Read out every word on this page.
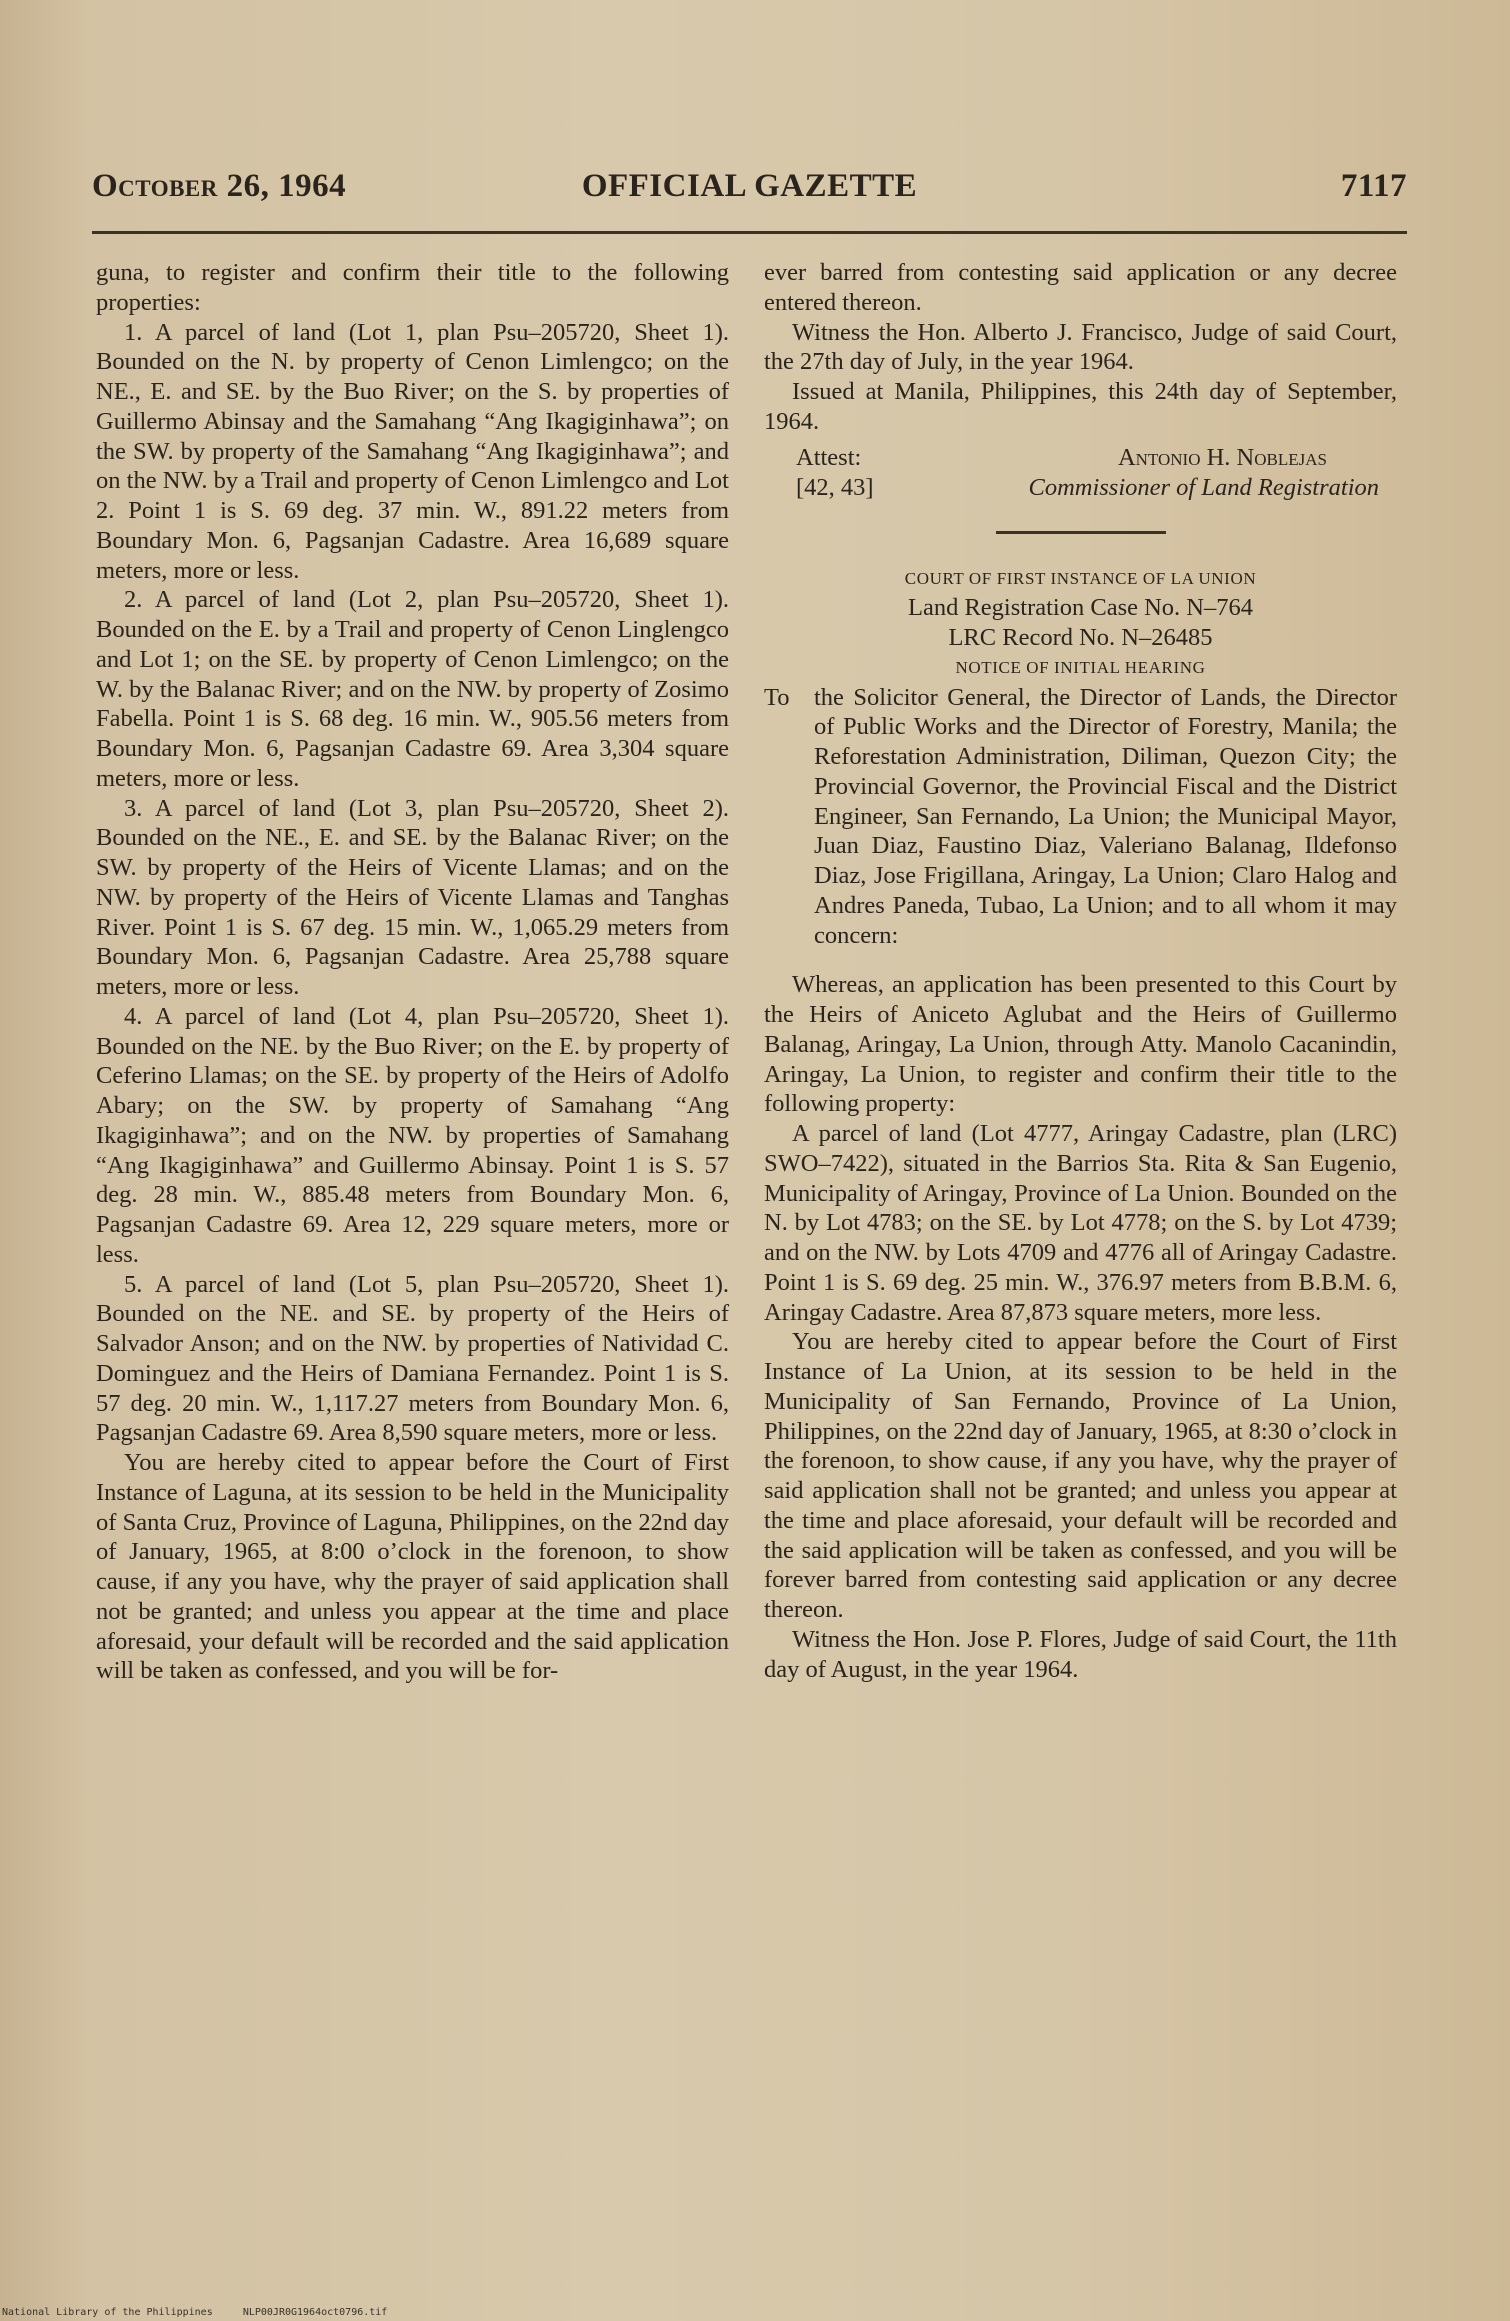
October 26, 1964	OFFICIAL GAZETTE	7117

guna, to register and confirm their title to the following properties:

1. A parcel of land (Lot 1, plan Psu–205720, Sheet 1). Bounded on the N. by property of Cenon Limlengco; on the NE., E. and SE. by the Buo River; on the S. by properties of Guillermo Abinsay and the Samahang “Ang Ikagiginhawa”; on the SW. by property of the Samahang “Ang Ikagiginhawa”; and on the NW. by a Trail and property of Cenon Limlengco and Lot 2. Point 1 is S. 69 deg. 37 min. W., 891.22 meters from Boundary Mon. 6, Pagsanjan Cadastre. Area 16,689 square meters, more or less.

2. A parcel of land (Lot 2, plan Psu–205720, Sheet 1). Bounded on the E. by a Trail and property of Cenon Linglengco and Lot 1; on the SE. by property of Cenon Limlengco; on the W. by the Balanac River; and on the NW. by property of Zosimo Fabella. Point 1 is S. 68 deg. 16 min. W., 905.56 meters from Boundary Mon. 6, Pagsanjan Cadastre 69. Area 3,304 square meters, more or less.

3. A parcel of land (Lot 3, plan Psu–205720, Sheet 2). Bounded on the NE., E. and SE. by the Balanac River; on the SW. by property of the Heirs of Vicente Llamas; and on the NW. by property of the Heirs of Vicente Llamas and Tanghas River. Point 1 is S. 67 deg. 15 min. W., 1,065.29 meters from Boundary Mon. 6, Pagsanjan Cadastre. Area 25,788 square meters, more or less.

4. A parcel of land (Lot 4, plan Psu–205720, Sheet 1). Bounded on the NE. by the Buo River; on the E. by property of Ceferino Llamas; on the SE. by property of the Heirs of Adolfo Abary; on the SW. by property of Samahang “Ang Ikagiginhawa”; and on the NW. by properties of Samahang “Ang Ikagiginhawa” and Guillermo Abinsay. Point 1 is S. 57 deg. 28 min. W., 885.48 meters from Boundary Mon. 6, Pagsanjan Cadastre 69. Area 12, 229 square meters, more or less.

5. A parcel of land (Lot 5, plan Psu–205720, Sheet 1). Bounded on the NE. and SE. by property of the Heirs of Salvador Anson; and on the NW. by properties of Natividad C. Dominguez and the Heirs of Damiana Fernandez. Point 1 is S. 57 deg. 20 min. W., 1,117.27 meters from Boundary Mon. 6, Pagsanjan Cadastre 69. Area 8,590 square meters, more or less.

You are hereby cited to appear before the Court of First Instance of Laguna, at its session to be held in the Municipality of Santa Cruz, Province of Laguna, Philippines, on the 22nd day of January, 1965, at 8:00 o’clock in the forenoon, to show cause, if any you have, why the prayer of said application shall not be granted; and unless you appear at the time and place aforesaid, your default will be recorded and the said application will be taken as confessed, and you will be for-

ever barred from contesting said application or any decree entered thereon.

Witness the Hon. Alberto J. Francisco, Judge of said Court, the 27th day of July, in the year 1964.

Issued at Manila, Philippines, this 24th day of September, 1964.

Attest:	Antonio H. Noblejas
[42, 43]	Commissioner of Land Registration

COURT OF FIRST INSTANCE OF LA UNION

Land Registration Case No. N–764

LRC Record No. N–26485

NOTICE OF INITIAL HEARING

To the Solicitor General, the Director of Lands, the Director of Public Works and the Director of Forestry, Manila; the Reforestation Administration, Diliman, Quezon City; the Provincial Governor, the Provincial Fiscal and the District Engineer, San Fernando, La Union; the Municipal Mayor, Juan Diaz, Faustino Diaz, Valeriano Balanag, Ildefonso Diaz, Jose Frigillana, Aringay, La Union; Claro Halog and Andres Paneda, Tubao, La Union; and to all whom it may concern:

Whereas, an application has been presented to this Court by the Heirs of Aniceto Aglubat and the Heirs of Guillermo Balanag, Aringay, La Union, through Atty. Manolo Cacanindin, Aringay, La Union, to register and confirm their title to the following property:

A parcel of land (Lot 4777, Aringay Cadastre, plan (LRC) SWO–7422), situated in the Barrios Sta. Rita & San Eugenio, Municipality of Aringay, Province of La Union. Bounded on the N. by Lot 4783; on the SE. by Lot 4778; on the S. by Lot 4739; and on the NW. by Lots 4709 and 4776 all of Aringay Cadastre. Point 1 is S. 69 deg. 25 min. W., 376.97 meters from B.B.M. 6, Aringay Cadastre. Area 87,873 square meters, more less.

You are hereby cited to appear before the Court of First Instance of La Union, at its session to be held in the Municipality of San Fernando, Province of La Union, Philippines, on the 22nd day of January, 1965, at 8:30 o’clock in the forenoon, to show cause, if any you have, why the prayer of said application shall not be granted; and unless you appear at the time and place aforesaid, your default will be recorded and the said application will be taken as confessed, and you will be forever barred from contesting said application or any decree thereon.

Witness the Hon. Jose P. Flores, Judge of said Court, the 11th day of August, in the year 1964.

National Library of the Philippines     NLP00JR0G1964oct0796.tif
